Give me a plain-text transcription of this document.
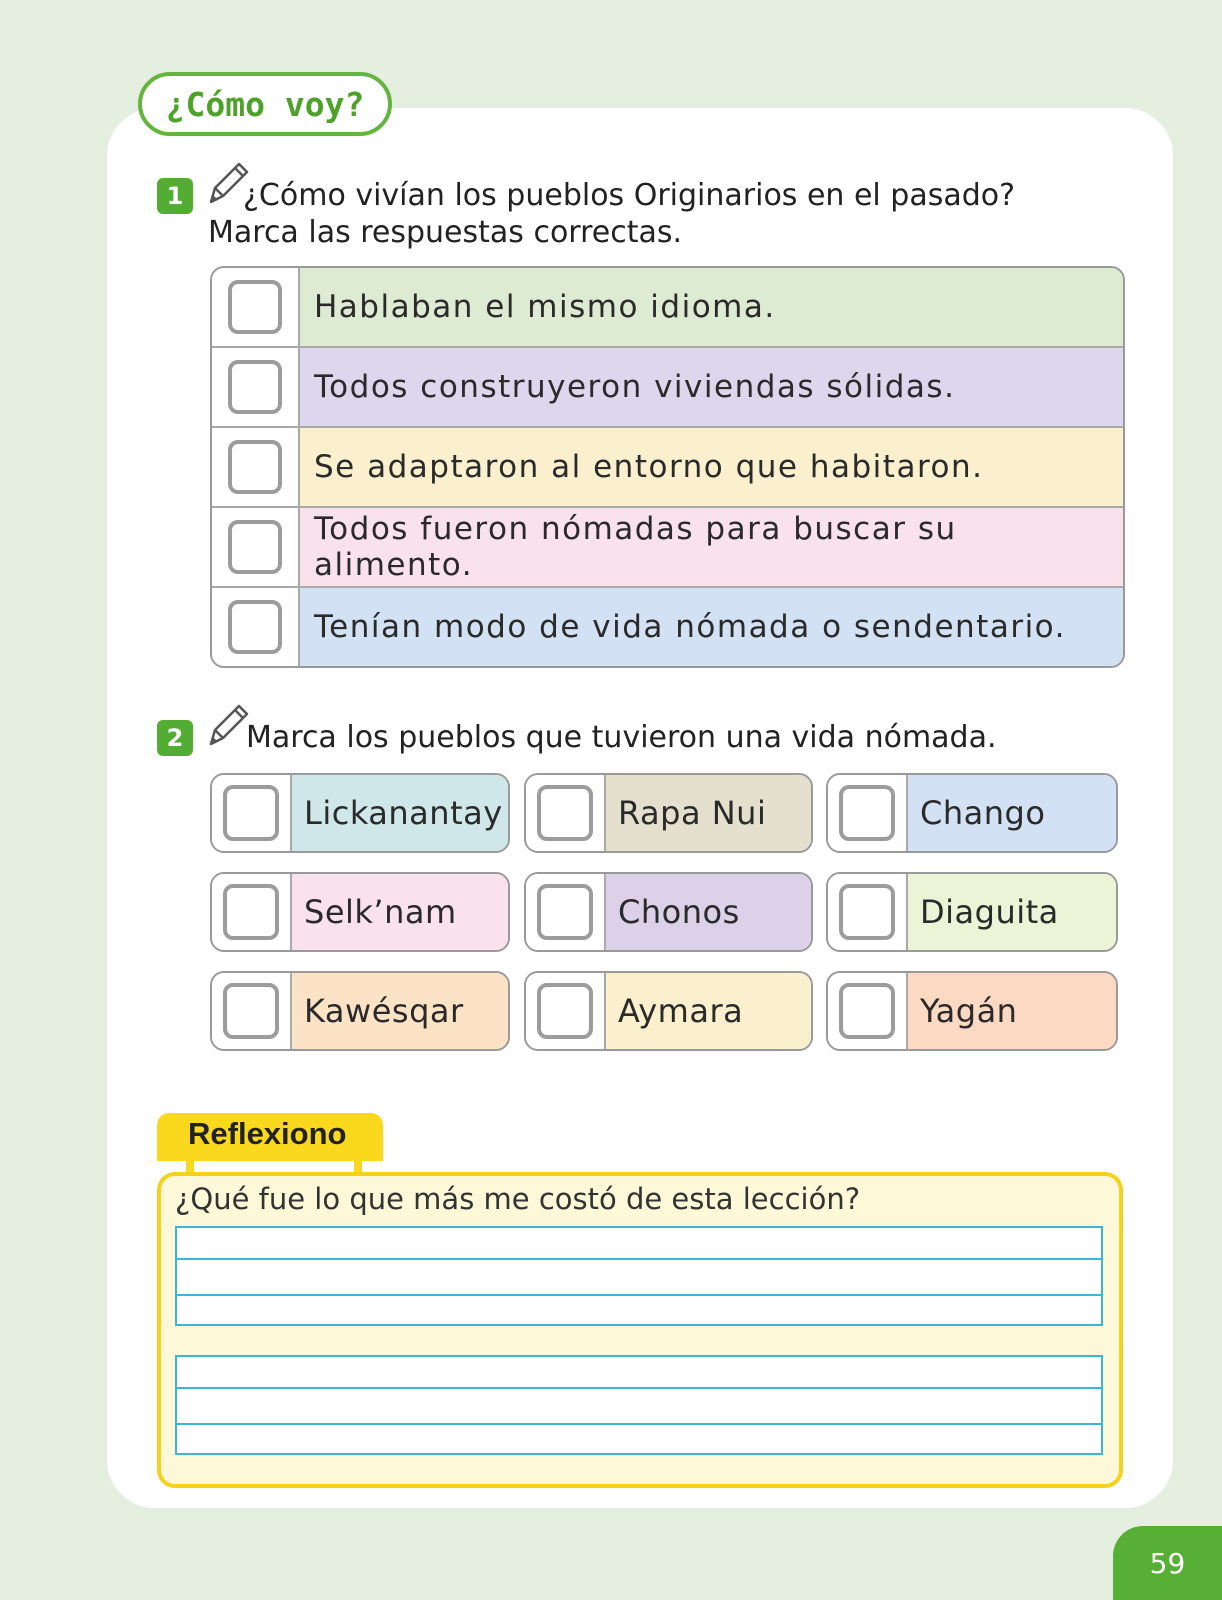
¿Cómo voy?
1	¿Cómo vivían los pueblos Originarios en el pasado?
Marca las respuestas correctas.
Hablaban el mismo idioma.
Todos construyeron viviendas sólidas.
Se adaptaron al entorno que habitaron.
Todos fueron nómadas para buscar su alimento.
Tenían modo de vida nómada o sendentario.
2	Marca los pueblos que tuvieron una vida nómada.
Lickanantay	Rapa Nui	Chango
Selk’nam	Chonos	Diaguita
Kawésqar	Aymara	Yagán
Reflexiono
¿Qué fue lo que más me costó de esta lección?
59
